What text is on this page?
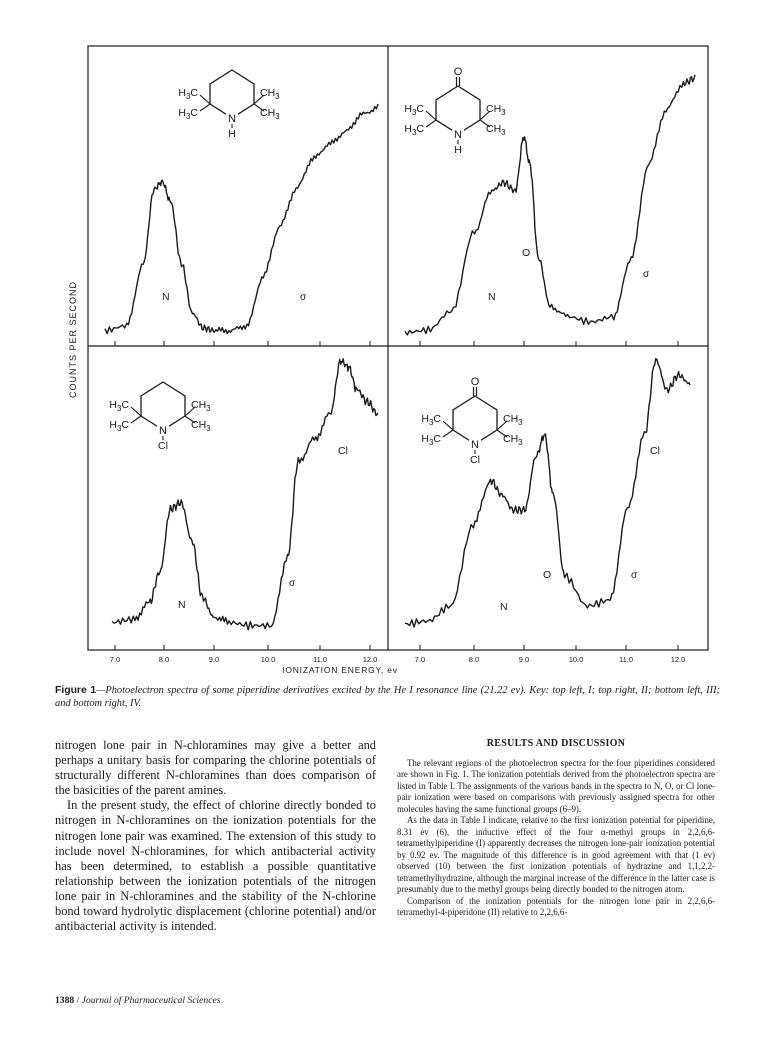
$H_3C$
$H_3C$
$CH_3$
$CH_3$
N
H
O
$H_3C$
$H_3C$
$CH_3$
$CH_3$
N
H
$H_3C$
$H_3C$
$CH_3$
$CH_3$
N
Cl
O
$H_3C$
$H_3C$
$CH_3$
$CH_3$
N
Cl
N	σ	N
O
σ
N
σ
Cl
N
O	σ
Cl
7.0	8.0	9.0	10.0	11.0	12.0	7.0	8.0	9.0	10.0	11.0	12.0
COUNTS PER SECOND
IONIZATION ENERGY, ev
Figure 1—Photoelectron spectra of some piperidine derivatives excited by the He I resonance line (21.22 ev). Key: top left, I; top right, II; bottom left, III; and bottom right, IV.

nitrogen lone pair in N-chloramines may give a better and perhaps a unitary basis for comparing the chlorine potentials of structurally different N-chloramines than does comparison of the basicities of the parent amines.

In the present study, the effect of chlorine directly bonded to nitrogen in N-chloramines on the ionization potentials for the nitrogen lone pair was examined. The extension of this study to include novel N-chloramines, for which antibacterial activity has been determined, to establish a possible quantitative relationship between the ionization potentials of the nitrogen lone pair in N-chloramines and the stability of the N-chlorine bond toward hydrolytic displacement (chlorine potential) and/or antibacterial activity is intended.

RESULTS AND DISCUSSION

The relevant regions of the photoelectron spectra for the four piperidines considered are shown in Fig. 1. The ionization potentials derived from the photoelectron spectra are listed in Table I. The assignments of the various bands in the spectra to N, O, or Cl lone-pair ionization were based on comparisons with previously assigned spectra for other molecules having the same functional groups (6–9).

As the data in Table I indicate, relative to the first ionization potential for piperidine, 8.31 ev (6), the inductive effect of the four α-methyl groups in 2,2,6,6-tetramethylpiperidine (I) apparently decreases the nitrogen lone-pair ionization potential by 0.92 ev. The magnitude of this difference is in good agreement with that (1 ev) observed (10) between the first ionization potentials of hydrazine and 1,1,2,2-tetramethylhydrazine, although the marginal increase of the difference in the latter case is presumably due to the methyl groups being directly bonded to the nitrogen atom.

Comparison of the ionization potentials for the nitrogen lone pair in 2,2,6,6-tetramethyl-4-piperidone (II) relative to 2,2,6,6-

1388 / Journal of Pharmaceutical Sciences
